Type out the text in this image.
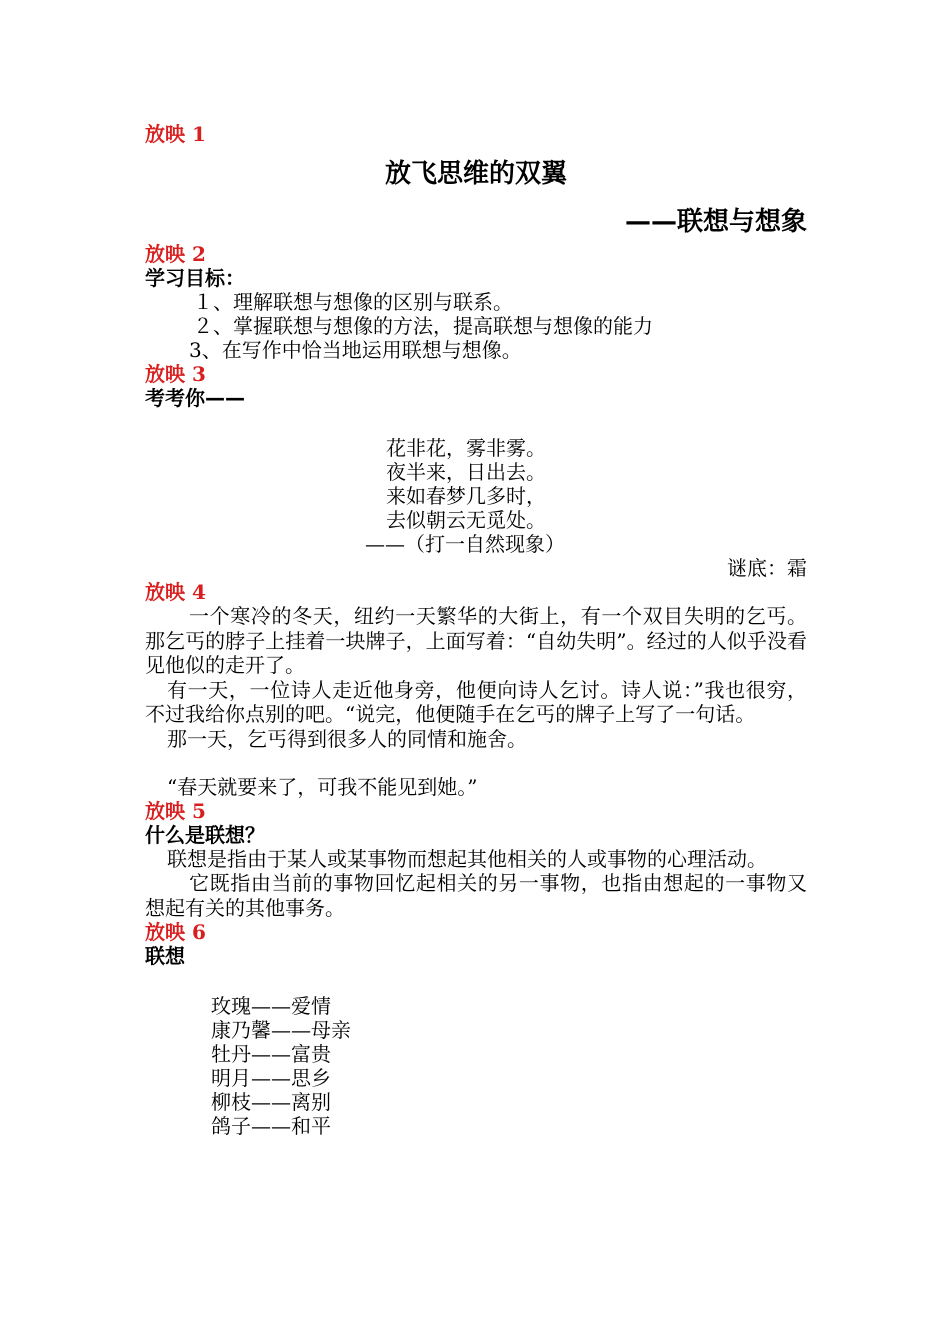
放映 1
放飞思维的双翼
——联想与想象
放映 2
学习目标：
１、理解联想与想像的区别与联系。
２、掌握联想与想像的方法，提高联想与想像的能力
3、在写作中恰当地运用联想与想像。
放映 3
考考你——
花非花，雾非雾。
夜半来，日出去。
来如春梦几多时，
去似朝云无觅处。
——（打一自然现象）
谜底：霜
放映 4
一个寒冷的冬天，纽约一天繁华的大街上，有一个双目失明的乞丐。那乞丐的脖子上挂着一块牌子，上面写着：“自幼失明”。经过的人似乎没看见他似的走开了。
有一天，一位诗人走近他身旁，他便向诗人乞讨。诗人说：”我也很穷，不过我给你点别的吧。“说完，他便随手在乞丐的牌子上写了一句话。
那一天，乞丐得到很多人的同情和施舍。
“春天就要来了，可我不能见到她。”
放映 5
什么是联想？
联想是指由于某人或某事物而想起其他相关的人或事物的心理活动。
它既指由当前的事物回忆起相关的另一事物，也指由想起的一事物又想起有关的其他事务。
放映 6
联想
玫瑰——爱情
康乃馨——母亲
牡丹——富贵
明月——思乡
柳枝——离别
鸽子——和平
